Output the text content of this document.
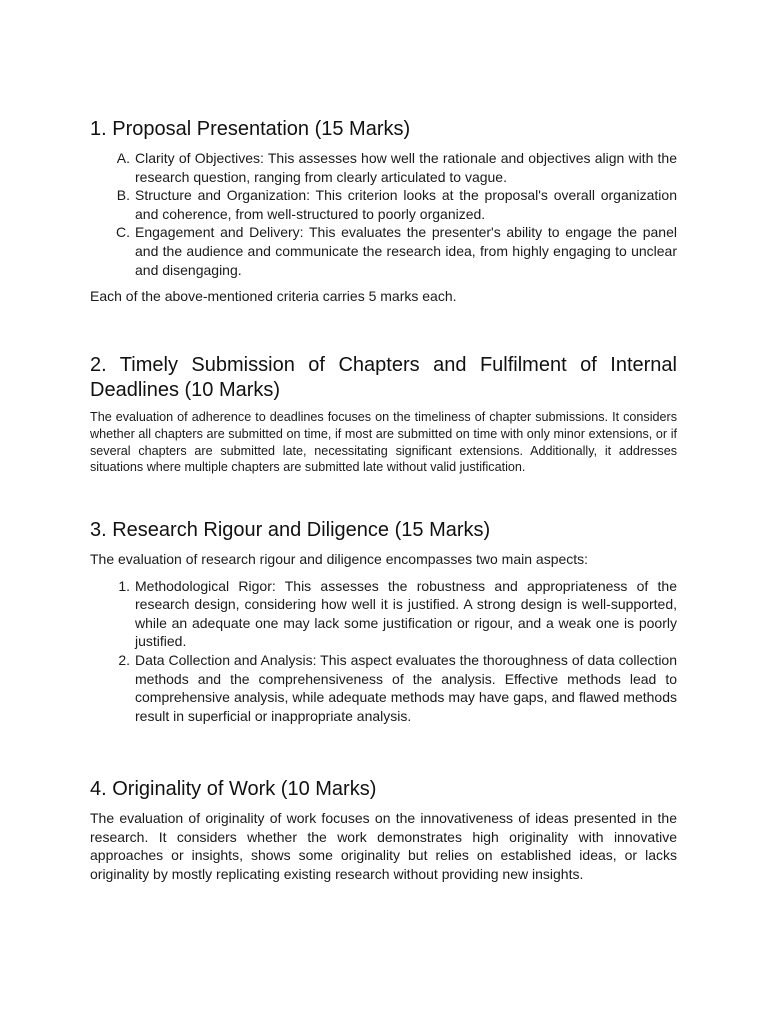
1. Proposal Presentation (15 Marks)
A. Clarity of Objectives: This assesses how well the rationale and objectives align with the research question, ranging from clearly articulated to vague.
B. Structure and Organization: This criterion looks at the proposal's overall organization and coherence, from well-structured to poorly organized.
C. Engagement and Delivery: This evaluates the presenter's ability to engage the panel and the audience and communicate the research idea, from highly engaging to unclear and disengaging.

Each of the above-mentioned criteria carries 5 marks each.

2. Timely Submission of Chapters and Fulfilment of Internal Deadlines (10 Marks)

The evaluation of adherence to deadlines focuses on the timeliness of chapter submissions. It considers whether all chapters are submitted on time, if most are submitted on time with only minor extensions, or if several chapters are submitted late, necessitating significant extensions. Additionally, it addresses situations where multiple chapters are submitted late without valid justification.

3. Research Rigour and Diligence (15 Marks)

The evaluation of research rigour and diligence encompasses two main aspects:

1. Methodological Rigor: This assesses the robustness and appropriateness of the research design, considering how well it is justified. A strong design is well-supported, while an adequate one may lack some justification or rigour, and a weak one is poorly justified.
2. Data Collection and Analysis: This aspect evaluates the thoroughness of data collection methods and the comprehensiveness of the analysis. Effective methods lead to comprehensive analysis, while adequate methods may have gaps, and flawed methods result in superficial or inappropriate analysis.
4. Originality of Work (10 Marks)

The evaluation of originality of work focuses on the innovativeness of ideas presented in the research. It considers whether the work demonstrates high originality with innovative approaches or insights, shows some originality but relies on established ideas, or lacks originality by mostly replicating existing research without providing new insights.
